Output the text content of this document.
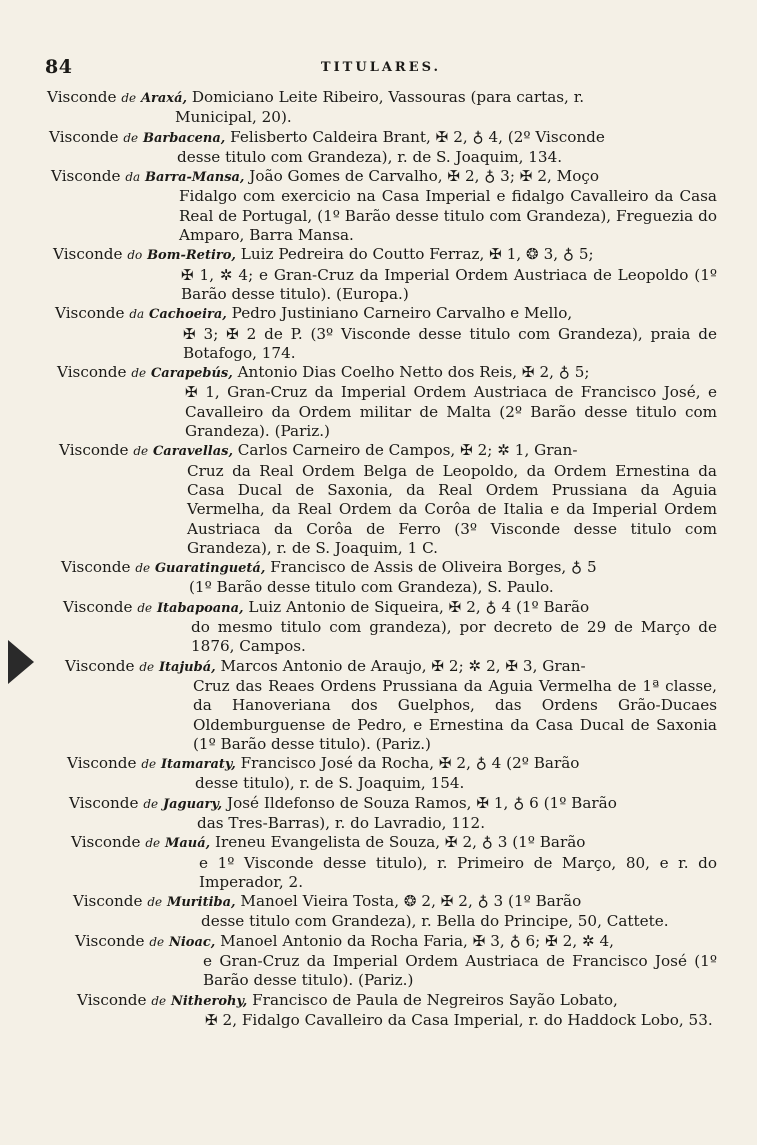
84	TITULARES.
Visconde de Araxá, Domiciano Leite Ribeiro, Vassouras (para cartas, r.
Municipal, 20).
Visconde de Barbacena, Felisberto Caldeira Brant, ✠ 2, ♁ 4, (2º Visconde
desse titulo com Grandeza), r. de S. Joaquim, 134.
Visconde da Barra-Mansa, João Gomes de Carvalho, ✠ 2, ♁ 3; ✠ 2, Moço
Fidalgo com exercicio na Casa Imperial e fidalgo Cavalleiro da Casa Real de Portugal, (1º Barão desse titulo com Grandeza), Freguezia do Amparo, Barra Mansa.
Visconde do Bom-Retiro, Luiz Pedreira do Coutto Ferraz, ✠ 1, ❂ 3, ♁ 5;
✠ 1, ✲ 4; e Gran-Cruz da Imperial Ordem Austriaca de Leopoldo (1º Barão desse titulo). (Europa.)
Visconde da Cachoeira, Pedro Justiniano Carneiro Carvalho e Mello,
✠ 3; ✠ 2 de P. (3º Visconde desse titulo com Grandeza), praia de Botafogo, 174.
Visconde de Carapebús, Antonio Dias Coelho Netto dos Reis, ✠ 2, ♁ 5;
✠ 1, Gran-Cruz da Imperial Ordem Austriaca de Francisco José, e Cavalleiro da Ordem militar de Malta (2º Barão desse titulo com Grandeza). (Pariz.)
Visconde de Caravellas, Carlos Carneiro de Campos, ✠ 2; ✲ 1, Gran-
Cruz da Real Ordem Belga de Leopoldo, da Ordem Ernestina da Casa Ducal de Saxonia, da Real Ordem Prussiana da Aguia Vermelha, da Real Ordem da Corôa de Italia e da Imperial Ordem Austriaca da Corôa de Ferro (3º Visconde desse titulo com Grandeza), r. de S. Joaquim, 1 C.
Visconde de Guaratinguetá, Francisco de Assis de Oliveira Borges, ♁ 5
(1º Barão desse titulo com Grandeza), S. Paulo.
Visconde de Itabapoana, Luiz Antonio de Siqueira, ✠ 2, ♁ 4 (1º Barão
do mesmo titulo com grandeza), por decreto de 29 de Março de 1876, Campos.
Visconde de Itajubá, Marcos Antonio de Araujo, ✠ 2; ✲ 2, ✠ 3, Gran-
Cruz das Reaes Ordens Prussiana da Aguia Vermelha de 1ª classe, da Hanoveriana dos Guelphos, das Ordens Grão-Ducaes Oldemburguense de Pedro, e Ernestina da Casa Ducal de Saxonia (1º Barão desse titulo). (Pariz.)
Visconde de Itamaraty, Francisco José da Rocha, ✠ 2, ♁ 4 (2º Barão
desse titulo), r. de S. Joaquim, 154.
Visconde de Jaguary, José Ildefonso de Souza Ramos, ✠ 1, ♁ 6 (1º Barão
das Tres-Barras), r. do Lavradio, 112.
Visconde de Mauá, Ireneu Evangelista de Souza, ✠ 2, ♁ 3 (1º Barão
e 1º Visconde desse titulo), r. Primeiro de Março, 80, e r. do Imperador, 2.
Visconde de Muritiba, Manoel Vieira Tosta, ❂ 2, ✠ 2, ♁ 3 (1º Barão
desse titulo com Grandeza), r. Bella do Principe, 50, Cattete.
Visconde de Nioac, Manoel Antonio da Rocha Faria, ✠ 3, ♁ 6; ✠ 2, ✲ 4,
e Gran-Cruz da Imperial Ordem Austriaca de Francisco José (1º Barão desse titulo). (Pariz.)
Visconde de Nitherohy, Francisco de Paula de Negreiros Sayão Lobato,
✠ 2, Fidalgo Cavalleiro da Casa Imperial, r. do Haddock Lobo, 53.
